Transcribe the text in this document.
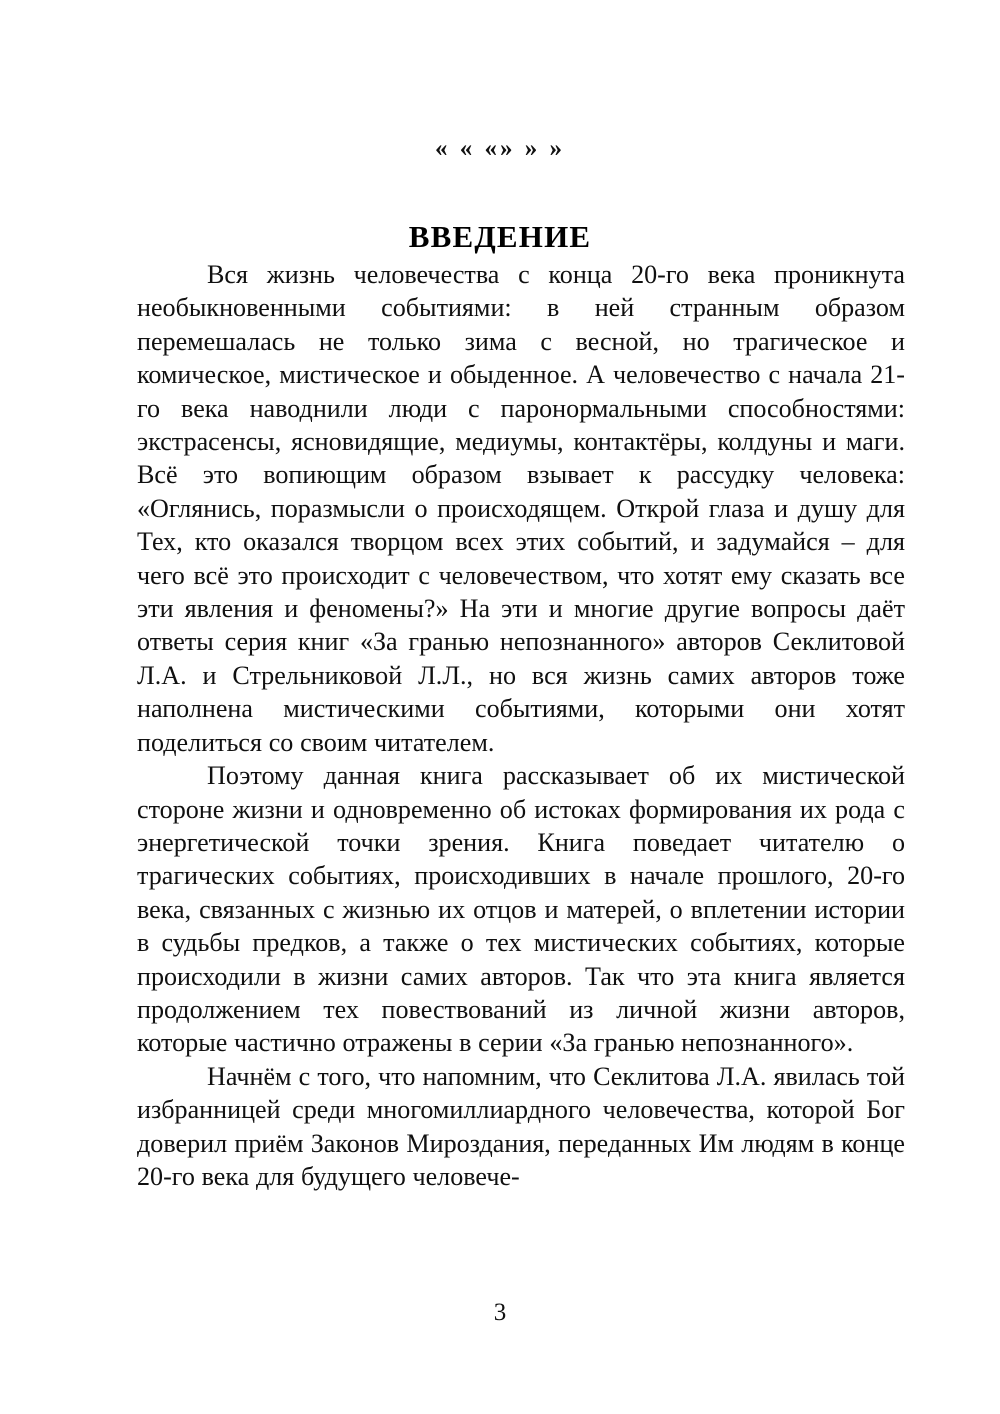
« « «» » »
ВВЕДЕНИЕ

Вся жизнь человечества с конца 20-го века проникнута необыкновенными событиями: в ней странным образом перемешалась не только зима с весной, но трагическое и комическое, мистическое и обыденное. А человечество с начала 21-го века наводнили люди с паронормальными способностями: экстрасенсы, ясновидящие, медиумы, контактёры, колдуны и маги. Всё это вопиющим образом взывает к рассудку человека: «Оглянись, поразмысли о происходящем. Открой глаза и душу для Тех, кто оказался творцом всех этих событий, и задумайся – для чего всё это происходит с человечеством, что хотят ему сказать все эти явления и феномены?» На эти и многие другие вопросы даёт ответы серия книг «За гранью непознанного» авторов Секлитовой Л.А. и Стрельниковой Л.Л., но вся жизнь самих авторов тоже наполнена мистическими событиями, которыми они хотят поделиться со своим читателем.

Поэтому данная книга рассказывает об их мистической стороне жизни и одновременно об истоках формирования их рода с энергетической точки зрения. Книга поведает читателю о трагических событиях, происходивших в начале прошлого, 20-го века, связанных с жизнью их отцов и матерей, о вплетении истории в судьбы предков, а также о тех мистических событиях, которые происходили в жизни самих авторов. Так что эта книга является продолжением тех повествований из личной жизни авторов, которые частично отражены в серии «За гранью непознанного».

Начнём с того, что напомним, что Секлитова Л.А. явилась той избранницей среди многомиллиардного человечества, которой Бог доверил приём Законов Мироздания, переданных Им людям в конце 20-го века для будущего человече-

3
